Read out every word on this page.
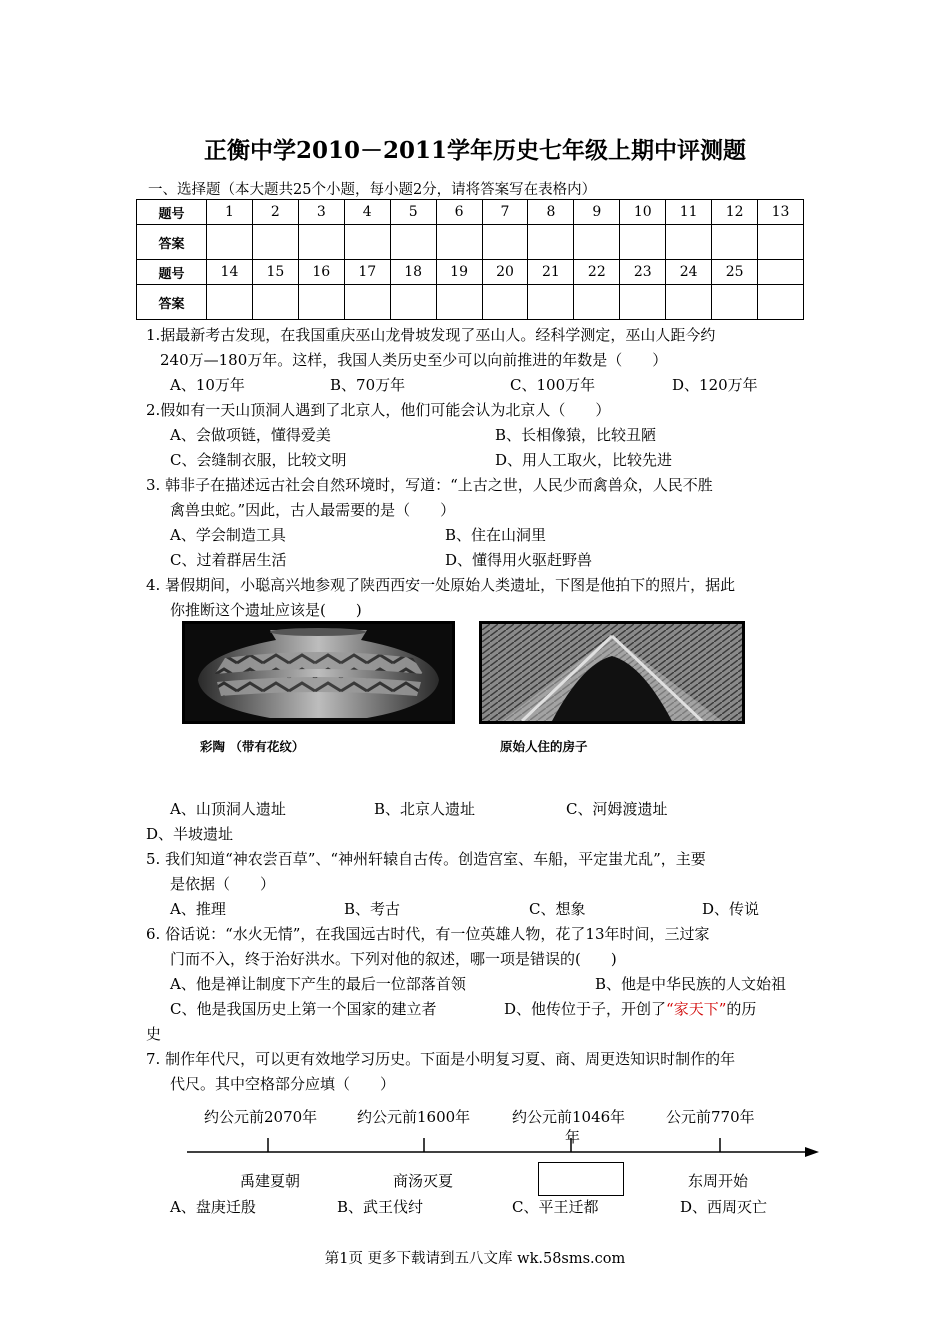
正衡中学2010－2011学年历史七年级上期中评测题
一、选择题（本大题共25个小题，每小题2分，请将答案写在表格内）
题号	1	2	3	4	5	6	7	8	9	10	11	12	13
答案													
题号	14	15	16	17	18	19	20	21	22	23	24	25	
答案													
1.据最新考古发现，在我国重庆巫山龙骨坡发现了巫山人。经科学测定，巫山人距今约
240万—180万年。这样，我国人类历史至少可以向前推进的年数是（　　）
A、10万年	B、70万年	C、100万年	D、120万年
2.假如有一天山顶洞人遇到了北京人，他们可能会认为北京人（　　）
A、会做项链，懂得爱美	B、长相像猿，比较丑陋
C、会缝制衣服，比较文明	D、用人工取火，比较先进
3. 韩非子在描述远古社会自然环境时，写道：“上古之世，人民少而禽兽众，人民不胜
禽兽虫蛇。”因此，古人最需要的是（　　）
A、学会制造工具	B、住在山洞里
C、过着群居生活	D、懂得用火驱赶野兽
4. 暑假期间，小聪高兴地参观了陕西西安一处原始人类遗址，下图是他拍下的照片，据此
你推断这个遗址应该是(　　)
彩陶 （带有花纹）	原始人住的房子
A、山顶洞人遗址	B、北京人遗址	C、河姆渡遗址
D、半坡遗址
5. 我们知道“神农尝百草”、“神州轩辕自古传。创造宫室、车船，平定蚩尤乱”，主要
是依据（　　）
A、推理	B、考古	C、想象	D、传说
6. 俗话说：“水火无情”，在我国远古时代，有一位英雄人物，花了13年时间，三过家
门而不入，终于治好洪水。下列对他的叙述，哪一项是错误的(　　)
A、他是禅让制度下产生的最后一位部落首领	B、他是中华民族的人文始祖
C、他是我国历史上第一个国家的建立者	D、他传位于子，开创了“家天下”的历
史
7. 制作年代尺，可以更有效地学习历史。下面是小明复习夏、商、周更迭知识时制作的年
代尺。其中空格部分应填（　　）
约公元前2070年	约公元前1600年	约公元前1046年
年
公元前770年
禹建夏朝	商汤灭夏	东周开始
A、盘庚迁殷	B、武王伐纣	C、平王迁都	D、西周灭亡
第1页 更多下载请到五八文库 wk.58sms.com
